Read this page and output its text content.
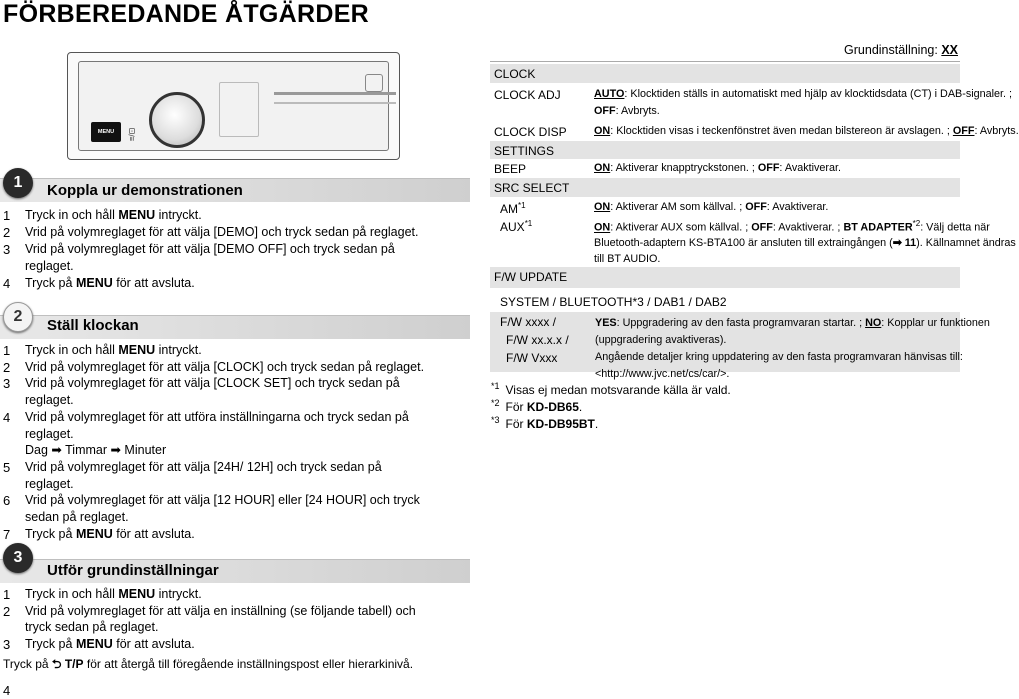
FÖRBEREDANDE ÅTGÄRDER
MENU	≡/⊡
1	Koppla ur demonstrationen
1 Tryck in och håll MENU intryckt.
2 Vrid på volymreglaget för att välja [DEMO] och tryck sedan på reglaget.
3 Vrid på volymreglaget för att välja [DEMO OFF] och tryck sedan på
reglaget.
4 Tryck på MENU för att avsluta.
2
Ställ klockan
1 Tryck in och håll MENU intryckt.
2 Vrid på volymreglaget för att välja [CLOCK] och tryck sedan på reglaget.
3 Vrid på volymreglaget för att välja [CLOCK SET] och tryck sedan på
reglaget.
4 Vrid på volymreglaget för att utföra inställningarna och tryck sedan på
reglaget.
Dag ➡ Timmar ➡ Minuter
5 Vrid på volymreglaget för att välja [24H/ 12H] och tryck sedan på
reglaget.
6 Vrid på volymreglaget för att välja [12 HOUR] eller [24 HOUR] och tryck
sedan på reglaget.
7 Tryck på MENU för att avsluta.
3
Utför grundinställningar
1 Tryck in och håll MENU intryckt.
2 Vrid på volymreglaget för att välja en inställning (se följande tabell) och
tryck sedan på reglaget.
3 Tryck på MENU för att avsluta.
Tryck på ⮌ T/P för att återgå till föregående inställningspost eller hierarkinivå.
4
Grundinställning: XX
CLOCK
CLOCK ADJ	AUTO: Klocktiden ställs in automatiskt med hjälp av klocktidsdata (CT) i DAB-signaler. ;
OFF: Avbryts.
CLOCK DISP	ON: Klocktiden visas i teckenfönstret även medan bilstereon är avslagen. ; OFF: Avbryts.
SETTINGS
BEEP	ON: Aktiverar knapptryckstonen. ; OFF: Avaktiverar.
SRC SELECT
AM$^{*1}$	ON: Aktiverar AM som källval. ; OFF: Avaktiverar.
AUX$^{*1}$	ON: Aktiverar AUX som källval. ; OFF: Avaktiverar. ; BT ADAPTER$^{*2}$: Välj detta när
Bluetooth-adaptern KS-BTA100 är ansluten till extraingången (➡ 11). Källnamnet ändras
till BT AUDIO.
F/W UPDATE
SYSTEM / BLUETOOTH*3 / DAB1 / DAB2
F/W xxxx /
F/W xx.x.x /
F/W Vxxx
YES: Uppgradering av den fasta programvaran startar. ; NO: Kopplar ur funktionen
(uppgradering avaktiveras).
Angående detaljer kring uppdatering av den fasta programvaran hänvisas till:
<http://www.jvc.net/cs/car/>.
$^{*1}$ Visas ej medan motsvarande källa är vald.
$^{*2}$ För KD-DB65.
$^{*3}$ För KD-DB95BT.
